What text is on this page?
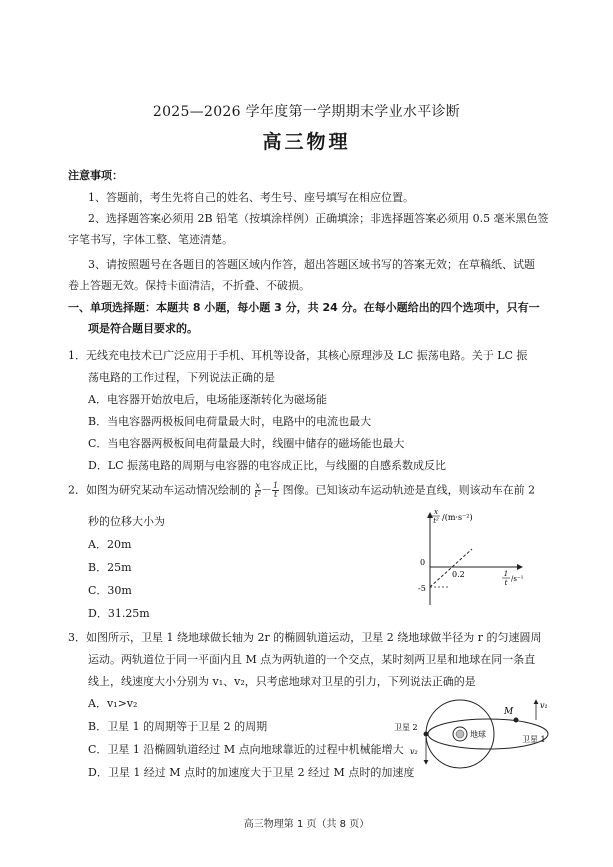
2025—2026 学年度第一学期期末学业水平诊断
高三物理
注意事项：
1、答题前，考生先将自己的姓名、考生号、座号填写在相应位置。
2、选择题答案必须用 2B 铅笔（按填涂样例）正确填涂；非选择题答案必须用 0.5 毫米黑色签
字笔书写，字体工整、笔迹清楚。
3、请按照题号在各题目的答题区域内作答，超出答题区域书写的答案无效；在草稿纸、试题
卷上答题无效。保持卡面清洁，不折叠、不破损。
一、单项选择题：本题共 8 小题，每小题 3 分，共 24 分。在每小题给出的四个选项中，只有一
项是符合题目要求的。
1．无线充电技术已广泛应用于手机、耳机等设备，其核心原理涉及 LC 振荡电路。关于 LC 振
荡电路的工作过程，下列说法正确的是
A．电容器开始放电后，电场能逐渐转化为磁场能
B．当电容器两极板间电荷量最大时，电路中的电流也最大
C．当电容器两极板间电荷量最大时，线圈中储存的磁场能也最大
D．LC 振荡电路的周期与电容器的电容成正比，与线圈的自感系数成反比
2．如图为研究某动车运动情况绘制的 $\frac{x}{\text{t²}} - \frac{1}{t}$ 图像。已知该动车运动轨迹是直线，则该动车在前 2
秒的位移大小为
A．20m
B．25m
C．30m
D．31.25m
x
t² /(m·s⁻²)
0
0.2
-5
1
t /s⁻¹
3．如图所示，卫星 1 绕地球做长轴为 2r 的椭圆轨道运动，卫星 2 绕地球做半径为 r 的匀速圆周
运动。两轨道位于同一平面内且 M 点为两轨道的一个交点，某时刻两卫星和地球在同一条直
线上，线速度大小分别为 v₁、v₂，只考虑地球对卫星的引力，下列说法正确的是
A．v₁>v₂
B．卫星 1 的周期等于卫星 2 的周期
C．卫星 1 沿椭圆轨道经过 M 点向地球靠近的过程中机械能增大
D．卫星 1 经过 M 点时的加速度大于卫星 2 经过 M 点时的加速度
地球
M
v₁
v₂
卫星 2
卫星 1
高三物理第 1 页（共 8 页）
